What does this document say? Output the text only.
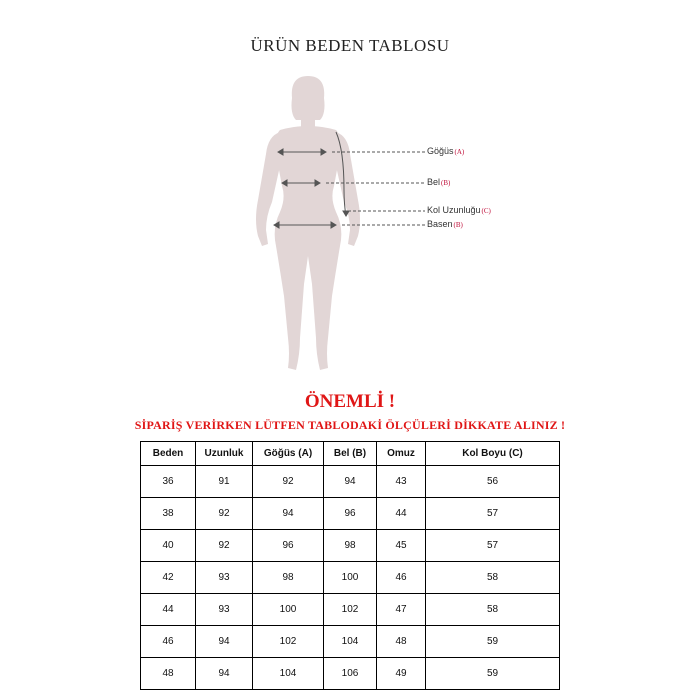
ÜRÜN BEDEN TABLOSU
Göğüs(A)
Bel(B)
Kol Uzunluğu(C)
Basen(B)
ÖNEMLİ !
SİPARİŞ VERİRKEN LÜTFEN TABLODAKİ ÖLÇÜLERİ DİKKATE ALINIZ !
Beden	Uzunluk	Göğüs (A)	Bel (B)	Omuz	Kol Boyu (C)
36	91	92	94	43	56
38	92	94	96	44	57
40	92	96	98	45	57
42	93	98	100	46	58
44	93	100	102	47	58
46	94	102	104	48	59
48	94	104	106	49	59
